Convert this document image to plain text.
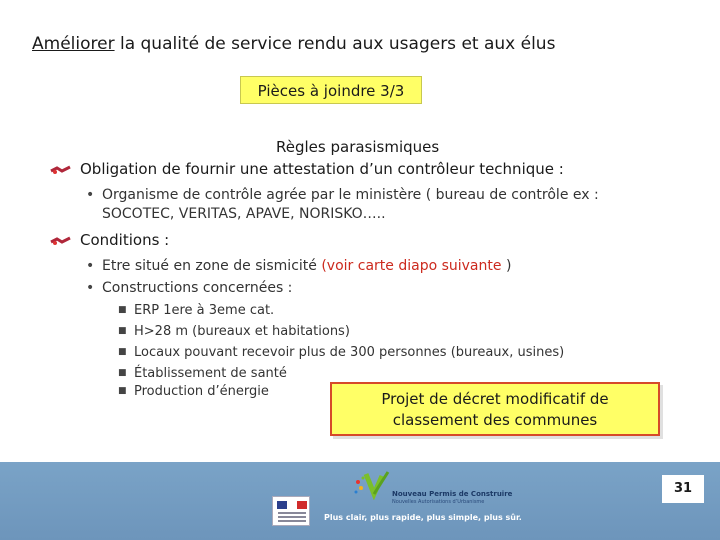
Améliorer la qualité de service rendu aux usagers et aux élus
Pièces à joindre 3/3
Règles parasismiques
Obligation de fournir une attestation d’un contrôleur technique :
• Organisme de contrôle agrée par le ministère ( bureau de contrôle ex :
SOCOTEC, VERITAS, APAVE, NORISKO…..
Conditions :
• Etre situé en zone de sismicité (voir carte diapo suivante )
• Constructions concernées :
■ ERP 1ere à 3eme cat.
■ H>28 m (bureaux et habitations)
■ Locaux pouvant recevoir plus de 300 personnes (bureaux, usines)
■ Établissement de santé
■ Production d’énergie	Projet de décret modificatif de
classement des communes
Nouveau Permis de Construire
Nouvelles Autorisations d’Urbanisme
Plus clair, plus rapide, plus simple, plus sûr.
31
